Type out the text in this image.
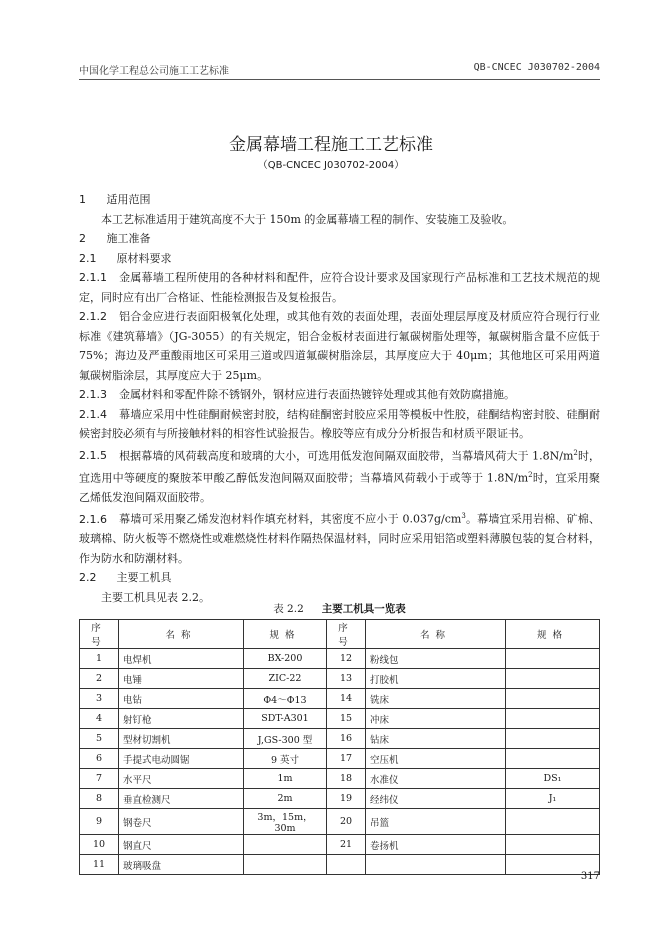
中国化学工程总公司施工工艺标准	QB-CNCEC J030702-2004
金属幕墙工程施工工艺标准
（QB-CNCEC J030702-2004）

1 适用范围

本工艺标准适用于建筑高度不大于 150m 的金属幕墙工程的制作、安装施工及验收。

2 施工准备

2.1 原材料要求

2.1.1 金属幕墙工程所使用的各种材料和配件，应符合设计要求及国家现行产品标准和工艺技术规范的规定，同时应有出厂合格证、性能检测报告及复检报告。

2.1.2 铝合金应进行表面阳极氧化处理，或其他有效的表面处理，表面处理层厚度及材质应符合现行行业标准《建筑幕墙》（JG-3055）的有关规定，铝合金板材表面进行氟碳树脂处理等，氟碳树脂含量不应低于 75%；海边及严重酸雨地区可采用三道或四道氟碳树脂涂层，其厚度应大于 40μm；其他地区可采用两道氟碳树脂涂层，其厚度应大于 25μm。

2.1.3 金属材料和零配件除不锈钢外，钢材应进行表面热镀锌处理或其他有效防腐措施。

2.1.4 幕墙应采用中性硅酮耐候密封胶，结构硅酮密封胶应采用等模板中性胶，硅酮结构密封胶、硅酮耐候密封胶必须有与所接触材料的相容性试验报告。橡胶等应有成分分析报告和材质平限证书。

2.1.5 根据幕墙的风荷载高度和玻璃的大小，可选用低发泡间隔双面胶带，当幕墙风荷大于 $1.8N/m^2$时，宜选用中等硬度的聚胺苯甲酸乙醇低发泡间隔双面胶带；当幕墙风荷载小于或等于 $1.8N/m^2$时，宜采用聚乙烯低发泡间隔双面胶带。

2.1.6 幕墙可采用聚乙烯发泡材料作填充材料，其密度不应小于 $0.037g/cm^3$。幕墙宜采用岩棉、矿棉、玻璃棉、防火板等不燃烧性或难燃烧性材料作隔热保温材料，同时应采用铝箔或塑料薄膜包装的复合材料，作为防水和防潮材料。

2.2 主要工机具

主要工机具见表 2.2。

表 2.2 主要工机具一览表
序号	名称	规格	序号	名称	规格
1	电焊机	BX-200	12	粉线包	
2	电锤	ZIC-22	13	打胶机	
3	电钻	Φ4～Φ13	14	铣床	
4	射钉枪	SDT-A301	15	冲床	
5	型材切割机	J,GS-300 型	16	钻床	
6	手提式电动圆锯	9 英寸	17	空压机	
7	水平尺	1m	18	水准仪	DS₁
8	垂直检测尺	2m	19	经纬仪	J₁
9	钢卷尺	3m，15m，30m	20	吊篮	
10	钢直尺		21	卷扬机	
11	玻璃吸盘				
317
